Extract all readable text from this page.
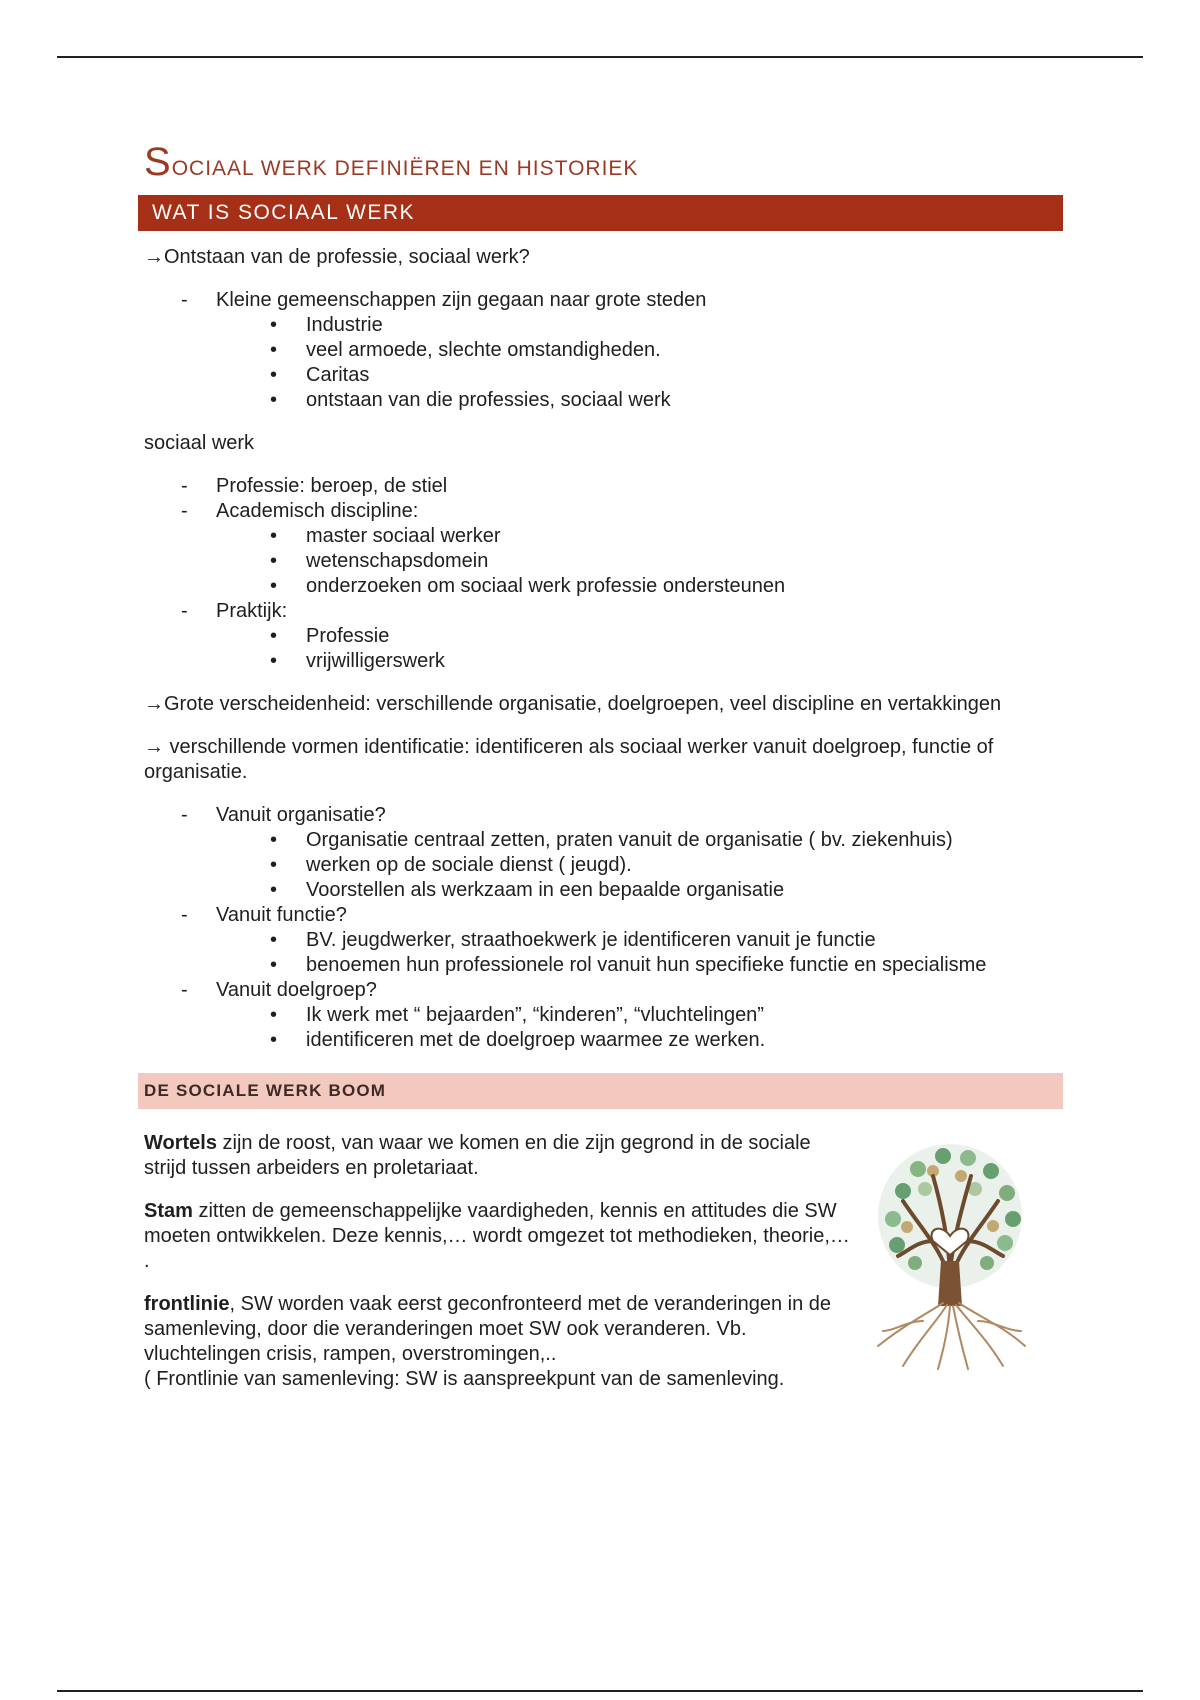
SOCIAAL WERK DEFINIËREN EN HISTORIEK
WAT IS SOCIAAL WERK
→Ontstaan van de professie, sociaal werk?
- Kleine gemeenschappen zijn gegaan naar grote steden
• Industrie
• veel armoede, slechte omstandigheden.
• Caritas
• ontstaan van die professies, sociaal werk
sociaal werk
- Professie: beroep, de stiel
- Academisch discipline:
• master sociaal werker
• wetenschapsdomein
• onderzoeken om sociaal werk professie ondersteunen
- Praktijk:
• Professie
• vrijwilligerswerk
→Grote verscheidenheid: verschillende organisatie, doelgroepen, veel discipline en vertakkingen
→ verschillende vormen identificatie: identificeren als sociaal werker vanuit doelgroep, functie of organisatie.
- Vanuit organisatie?
• Organisatie centraal zetten, praten vanuit de organisatie ( bv. ziekenhuis)
• werken op de sociale dienst ( jeugd).
• Voorstellen als werkzaam in een bepaalde organisatie
- Vanuit functie?
• BV. jeugdwerker, straathoekwerk je identificeren vanuit je functie
• benoemen hun professionele rol vanuit hun specifieke functie en specialisme
- Vanuit doelgroep?
• Ik werk met “ bejaarden”, “kinderen”, “vluchtelingen”
• identificeren met de doelgroep waarmee ze werken.
DE SOCIALE WERK BOOM
Wortels zijn de roost, van waar we komen en die zijn gegrond in de sociale strijd tussen arbeiders en proletariaat.
Stam zitten de gemeenschappelijke vaardigheden, kennis en attitudes die SW moeten ontwikkelen. Deze kennis,… wordt omgezet tot methodieken, theorie,… .
frontlinie, SW worden vaak eerst geconfronteerd met de veranderingen in de samenleving, door die veranderingen moet SW ook veranderen. Vb. vluchtelingen crisis, rampen, overstromingen,..
( Frontlinie van samenleving: SW is aanspreekpunt van de samenleving.
